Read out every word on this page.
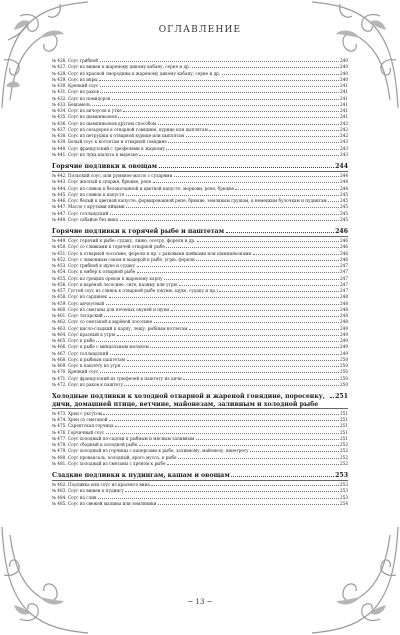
ОГЛАВЛЕНИЕ
№ 426. Соус грибной	240
№ 427. Соус из вишен к жареному дикому кабану, серне и др.	240
№ 428. Соус из красной смородины к жареному дикому кабану, серне и др.	240
№ 429. Соус из икры	240
№ 430. Крепкий соус	241
№ 431. Соус из раков	241
№ 432. Соус из помидоров	241
№ 433. Бешамель	241
№ 434. Соус из анчоусов к утке	241
№ 435. Соус из шампиньонов	241
№ 436. Соус из шампиньонов другим способом	242
№ 437. Соус из сельдерея к отварной говядине, курице или цыплятам	242
№ 438. Соус из петрушки к отварной курице или цыплятам	242
№ 439. Белый соус к котлетам и отварной говядине	243
№ 440. Соус французский с трюфелями к жаркому	243
№ 441. Соус из лука-шалота к вырезке	243
Горячие подливки к овощам	244
№ 442. Польский соус, или румяное масло с сухарями	244
№ 443. Соус желтый к спаржe, брюкве, репе	244
№ 444. Соус из сливок к белокочанной и цветной капусте, моркови, репе, брюкве	244
№ 445. Соус из сливок к капусте	245
№ 446. Соус белый к цветной капусте, формированной репе, брюкве, земляным грушам, к немецким булочкам и пудингам	245
№ 447. Масло с крутыми яйцами	245
№ 447. Соус голландский	245
№ 448. Соус сабайон без вина	245
Горячие подливки к горячей рыбе и паштетам	246
№ 449. Соус горячий к рыбе: судаку, линю, осетру, форели и др.	246
№ 450. Соус со сливками к горячей отварной рыбе	246
№ 451. Соус к отварной лососине, форели и пр. с раковыми шейками или шампиньонами	246
№ 452. Соус с лимонным соком и мадерой к рыбе, угрю, форели	246
№ 453. Соус грибной к щуке и судаку	247
№ 454. Соус к омбер к отварной рыбе	247
№ 455. Соус из грецких орехов к жареному карпу	247
№ 456. Соус к варёной лососине, сиге, налиму или угрю	247
№ 457. Густой соус из сливок к отварной рыбе (окуню, щуке, судаку и пр.)	247
№ 458. Соус из сардинок	248
№ 459. Соус анчоусный	248
№ 460. Соус из сметаны для печеных окуней и щуки	248
№ 461. Соус татарский	248
№ 462. Соус со сметаной к варёной лососине	248
№ 463. Соус кисло-сладкий к карпу, лещу, рыбным котлетам	249
№ 464. Соус красный к угрю	249
№ 465. Соус к рыбе	249
№ 466. Соус к рыбе с миндальным молоком	249
№ 467. Соус голландский	249
№ 468. Соус к рыбным паштетам	250
№ 469. Соус к паштету из угря	250
№ 470. Крепкий соус	250
№ 471. Соус французский из трюфелей к паштету из дичи	250
№ 472. Соус из раков к паштету	250
Холодные подливки к холодной отварной и жареной говядине, поросенку, дичи, домашней птице, ветчине, майонезам, заливным и холодной рыбе
251
№ 473. Хрен с уксусом	251
№ 474. Хрен со сметаной	251
№ 475. Сарептская горчица	251
№ 476. Горчичный соус	251
№ 477. Соус холодный по-садски к рыбным и мясным заливным	251
№ 478. Соус сборный к холодной рыбе	252
№ 479. Соус холодный из горчицы с каперсами к рыбе, заливному, майонезу, винегрету	252
№ 480. Соус провансаль, холодный, ярого мусса, к рыбе	252
№ 481. Соус холодный из сметаны с хреном к рыбе	252
Сладкие подливки к пудингам, кашам и овощам	253
№ 482. Подливка или соус из красного вина	253
№ 483. Соус из вишен к пудингу	253
№ 484. Соус из слив	253
№ 485. Соус из свежей малины или земляники	254
~ 13 ~
